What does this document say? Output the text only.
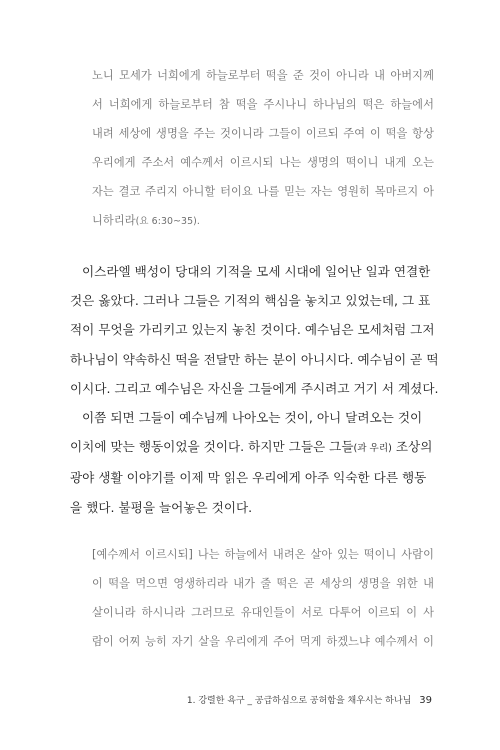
노니 모세가 너희에게 하늘로부터 떡을 준 것이 아니라 내 아버지께
서 너희에게 하늘로부터 참 떡을 주시나니 하나님의 떡은 하늘에서
내려 세상에 생명을 주는 것이니라 그들이 이르되 주여 이 떡을 항상
우리에게 주소서 예수께서 이르시되 나는 생명의 떡이니 내게 오는
자는 결코 주리지 아니할 터이요 나를 믿는 자는 영원히 목마르지 아
니하리라(요 6:30~35).
이스라엘 백성이 당대의 기적을 모세 시대에 일어난 일과 연결한
것은 옳았다. 그러나 그들은 기적의 핵심을 놓치고 있었는데, 그 표
적이 무엇을 가리키고 있는지 놓친 것이다. 예수님은 모세처럼 그저
하나님이 약속하신 떡을 전달만 하는 분이 아니시다. 예수님이 곧 떡
이시다. 그리고 예수님은 자신을 그들에게 주시려고 거기 서 계셨다.
이쯤 되면 그들이 예수님께 나아오는 것이, 아니 달려오는 것이
이치에 맞는 행동이었을 것이다. 하지만 그들은 그들(과 우리) 조상의
광야 생활 이야기를 이제 막 읽은 우리에게 아주 익숙한 다른 행동
을 했다. 불평을 늘어놓은 것이다.
[예수께서 이르시되] 나는 하늘에서 내려온 살아 있는 떡이니 사람이
이 떡을 먹으면 영생하리라 내가 줄 떡은 곧 세상의 생명을 위한 내
살이니라 하시니라 그러므로 유대인들이 서로 다투어 이르되 이 사
람이 어찌 능히 자기 살을 우리에게 주어 먹게 하겠느냐 예수께서 이
1. 강렬한 욕구 _ 공급하심으로 공허함을 채우시는 하나님 39
